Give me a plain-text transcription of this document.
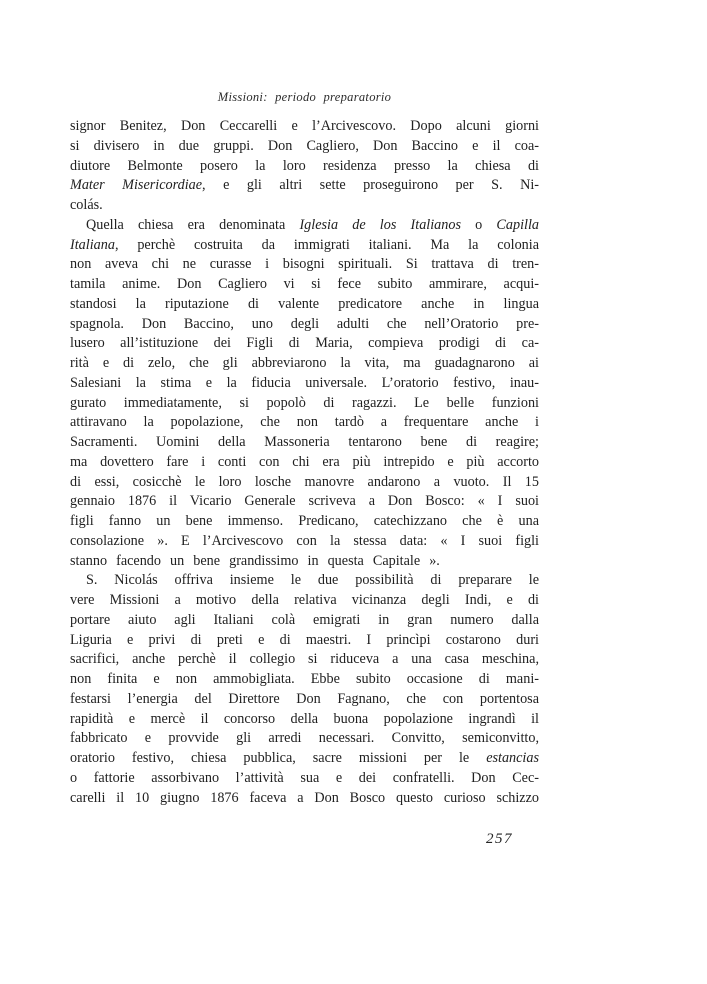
Missioni: periodo preparatorio
signor Benitez, Don Ceccarelli e l’Arcivescovo. Dopo alcuni giorni
si divisero in due gruppi. Don Cagliero, Don Baccino e il coa-
diutore Belmonte posero la loro residenza presso la chiesa di
Mater Misericordiae, e gli altri sette proseguirono per S. Ni-
colás.
Quella chiesa era denominata Iglesia de los Italianos o Capilla
Italiana, perchè costruita da immigrati italiani. Ma la colonia
non aveva chi ne curasse i bisogni spirituali. Si trattava di tren-
tamila anime. Don Cagliero vi si fece subito ammirare, acqui-
standosi la riputazione di valente predicatore anche in lingua
spagnola. Don Baccino, uno degli adulti che nell’Oratorio pre-
lusero all’istituzione dei Figli di Maria, compieva prodigi di ca-
rità e di zelo, che gli abbreviarono la vita, ma guadagnarono ai
Salesiani la stima e la fiducia universale. L’oratorio festivo, inau-
gurato immediatamente, si popolò di ragazzi. Le belle funzioni
attiravano la popolazione, che non tardò a frequentare anche i
Sacramenti. Uomini della Massoneria tentarono bene di reagire;
ma dovettero fare i conti con chi era più intrepido e più accorto
di essi, cosicchè le loro losche manovre andarono a vuoto. Il 15
gennaio 1876 il Vicario Generale scriveva a Don Bosco: « I suoi
figli fanno un bene immenso. Predicano, catechizzano che è una
consolazione ». E l’Arcivescovo con la stessa data: « I suoi figli
stanno facendo un bene grandissimo in questa Capitale ».
S. Nicolás offriva insieme le due possibilità di preparare le
vere Missioni a motivo della relativa vicinanza degli Indi, e di
portare aiuto agli Italiani colà emigrati in gran numero dalla
Liguria e privi di preti e di maestri. I princìpi costarono duri
sacrifici, anche perchè il collegio si riduceva a una casa meschina,
non finita e non ammobigliata. Ebbe subito occasione di mani-
festarsi l’energia del Direttore Don Fagnano, che con portentosa
rapidità e mercè il concorso della buona popolazione ingrandì il
fabbricato e provvide gli arredi necessari. Convitto, semiconvitto,
oratorio festivo, chiesa pubblica, sacre missioni per le estancias
o fattorie assorbivano l’attività sua e dei confratelli. Don Cec-
carelli il 10 giugno 1876 faceva a Don Bosco questo curioso schizzo
257
